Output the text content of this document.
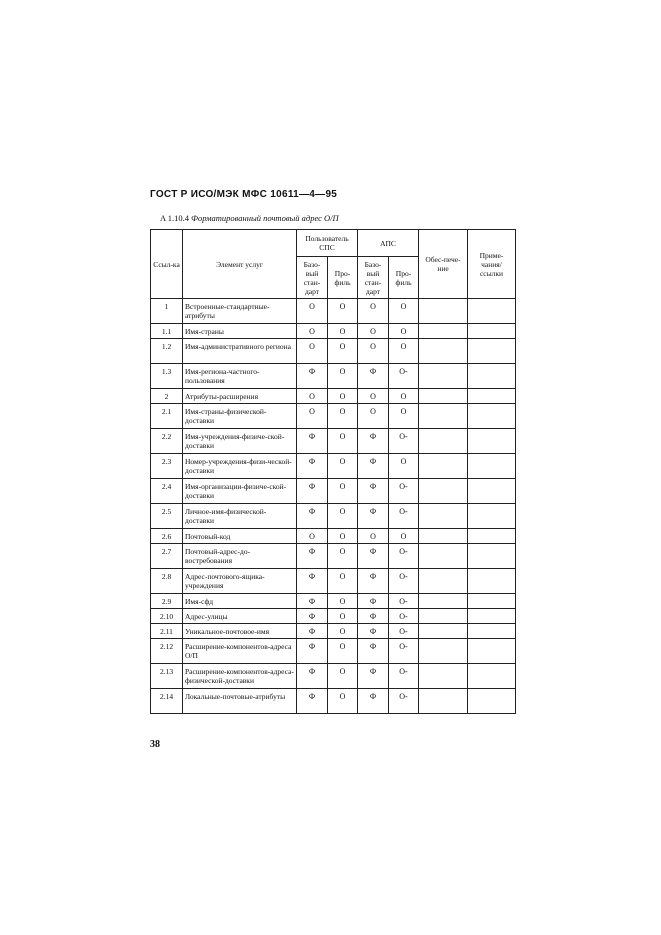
ГОСТ Р ИСО/МЭК МФС 10611—4—95
A 1.10.4 Форматированный почтовый адрес О/П
Ссыл-ка	Элемент услуг	Пользователь СПС		АПС		Обес-пече-ние	Приме-чания/ ссылки
		Базо-вый стан-дарт	Про-филь	Базо-вый стан-дарт	Про-филь		
1	Встроенные-стандартные-атрибуты	O	O	O	O		
1.1	Имя-страны	O	O	O	O		
1.2	Имя-административного региона	O	O	O	O		
1.3	Имя-региона-частного-пользования	Ф	O	Ф	O-		
2	Атрибуты-расширения	O	O	O	O		
2.1	Имя-страны-физической-доставки	O	O	O	O		
2.2	Имя-учреждения-физиче-ской-доставки	Ф	O	Ф	O-		
2.3	Номер-учреждения-физи-ческой-доставки	Ф	O	Ф	O		
2.4	Имя-организации-физиче-ской-доставки	Ф	O	Ф	O-		
2.5	Личное-имя-физической-доставки	Ф	O	Ф	O-		
2.6	Почтовый-код	O	O	O	O		
2.7	Почтовый-адрес-до-востребования	Ф	O	Ф	O-		
2.8	Адрес-почтового-ящика-учреждения	Ф	O	Ф	O-		
2.9	Имя-сфд	Ф	O	Ф	O-		
2.10	Адрес-улицы	Ф	O	Ф	O-		
2.11	Уникальное-почтовое-имя	Ф	O	Ф	O-		
2.12	Расширение-компонентов-адреса О/П	Ф	O	Ф	O-		
2.13	Расширение-компонентов-адреса-физической-доставки	Ф	O	Ф	O-		
2.14	Локальные-почтовые-атрибуты	Ф	O	Ф	O-		
38
